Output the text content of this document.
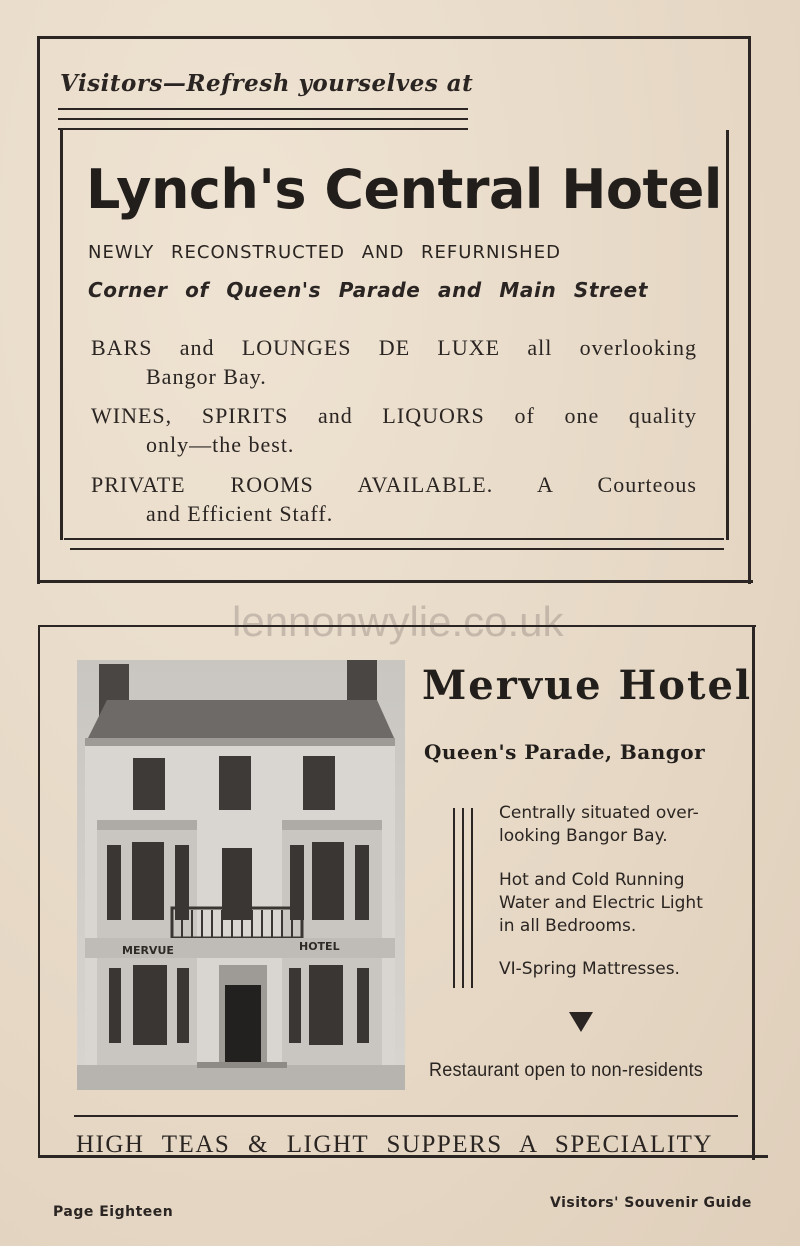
Visitors—Refresh yourselves at
Lynch's Central Hotel
NEWLY RECONSTRUCTED AND REFURNISHED
Corner of Queen's Parade and Main Street
BARS and LOUNGES DE LUXE all overlooking
Bangor Bay.
WINES, SPIRITS and LIQUORS of one quality
only—the best.
PRIVATE ROOMS AVAILABLE. A Courteous
and Efficient Staff.
lennonwylie.co.uk
MERVUE	HOTEL
Mervue Hotel
Queen's Parade, Bangor
Centrally situated over-
looking Bangor Bay.
Hot and Cold Running
Water and Electric Light
in all Bedrooms.
VI-Spring Mattresses.
Restaurant open to non-residents
HIGH TEAS & LIGHT SUPPERS A SPECIALITY
Page Eighteen
Visitors' Souvenir Guide
